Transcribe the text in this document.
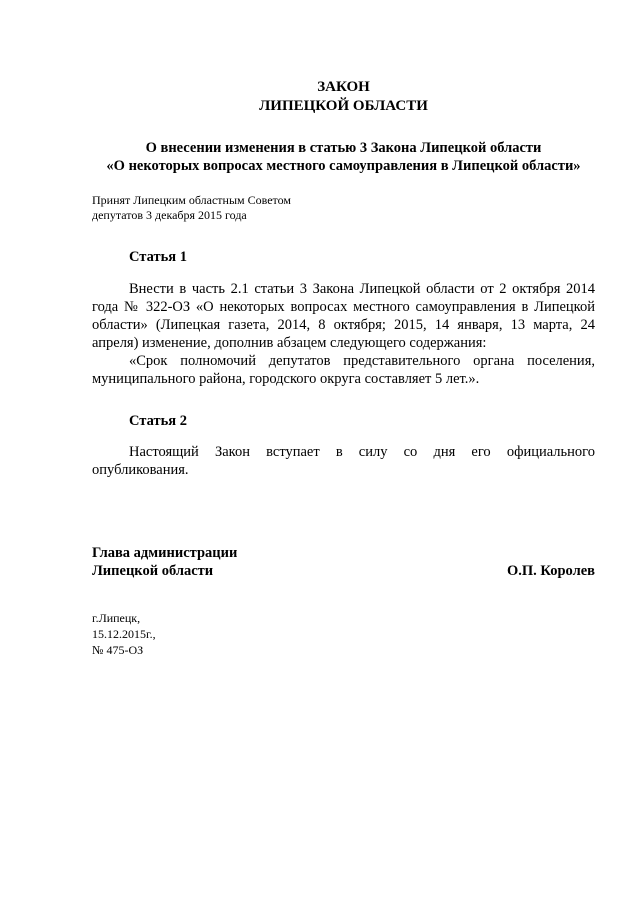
ЗАКОН
ЛИПЕЦКОЙ ОБЛАСТИ
О внесении изменения в статью 3 Закона Липецкой области
«О некоторых вопросах местного самоуправления в Липецкой области»
Принят Липецким областным Советом
депутатов 3 декабря 2015 года
Статья 1

Внести в часть 2.1 статьи 3 Закона Липецкой области от 2 октября 2014 года № 322-ОЗ «О некоторых вопросах местного самоуправления в Липецкой области» (Липецкая газета, 2014, 8 октября; 2015, 14 января, 13 марта, 24 апреля) изменение, дополнив абзацем следующего содержания:

«Срок полномочий депутатов представительного органа поселения, муниципального района, городского округа составляет 5 лет.».

Статья 2

Настоящий Закон вступает в силу со дня его официального опубликования.

Глава администрации
Липецкой области	О.П. Королев
г.Липецк,
15.12.2015г.,
№ 475-ОЗ
